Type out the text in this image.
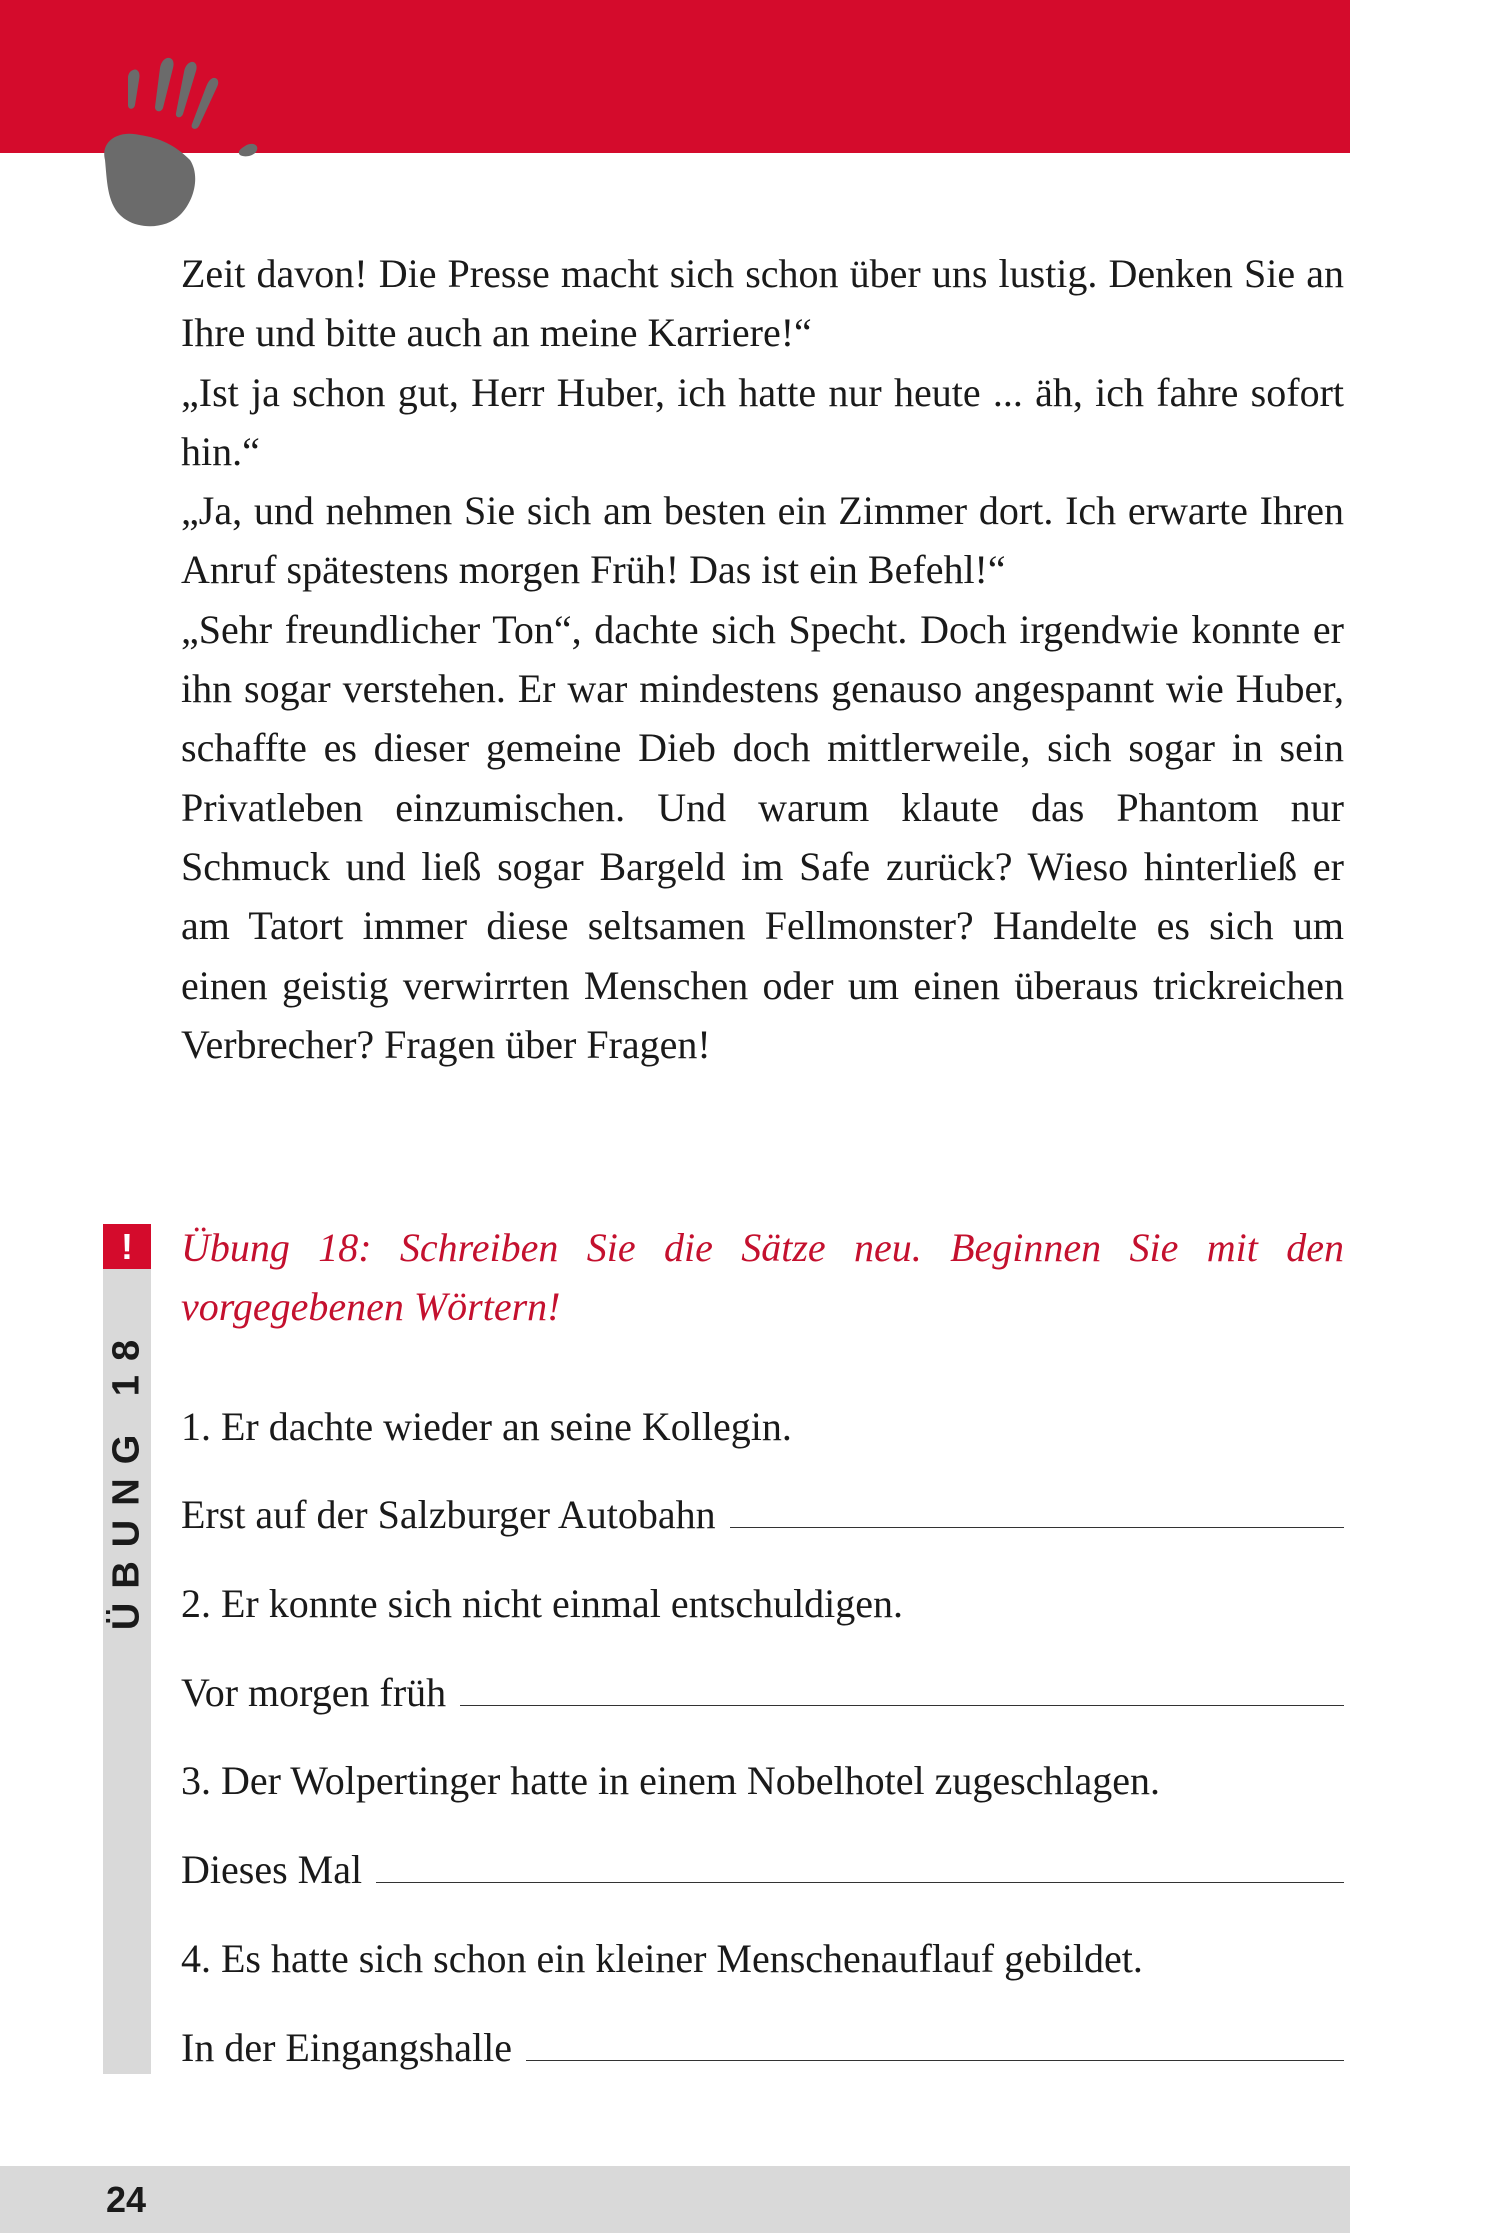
Zeit davon! Die Presse macht sich schon über uns lustig. Denken Sie an Ihre und bitte auch an meine Karriere!“

„Ist ja schon gut, Herr Huber, ich hatte nur heute ... äh, ich fahre sofort hin.“

„Ja, und nehmen Sie sich am besten ein Zimmer dort. Ich erwarte Ihren Anruf spätestens morgen Früh! Das ist ein Befehl!“

„Sehr freundlicher Ton“, dachte sich Specht. Doch irgendwie konnte er ihn sogar verstehen. Er war mindestens genauso angespannt wie Huber, schaffte es dieser gemeine Dieb doch mittlerweile, sich sogar in sein Privatleben einzumischen. Und warum klaute das Phantom nur Schmuck und ließ sogar Bargeld im Safe zurück? Wieso hinterließ er am Tatort immer diese seltsamen Fellmonster? Handelte es sich um einen geistig verwirrten Menschen oder um einen überaus trickreichen Verbrecher? Fragen über Fragen!

!
ÜBUNG 18

Übung 18: Schreiben Sie die Sätze neu. Beginnen Sie mit den vorgegebenen Wörtern!

1. Er dachte wieder an seine Kollegin.
Erst auf der Salzburger Autobahn
2. Er konnte sich nicht einmal entschuldigen.
Vor morgen früh
3. Der Wolpertinger hatte in einem Nobelhotel zugeschlagen.
Dieses Mal
4. Es hatte sich schon ein kleiner Menschenauflauf gebildet.
In der Eingangshalle
24
